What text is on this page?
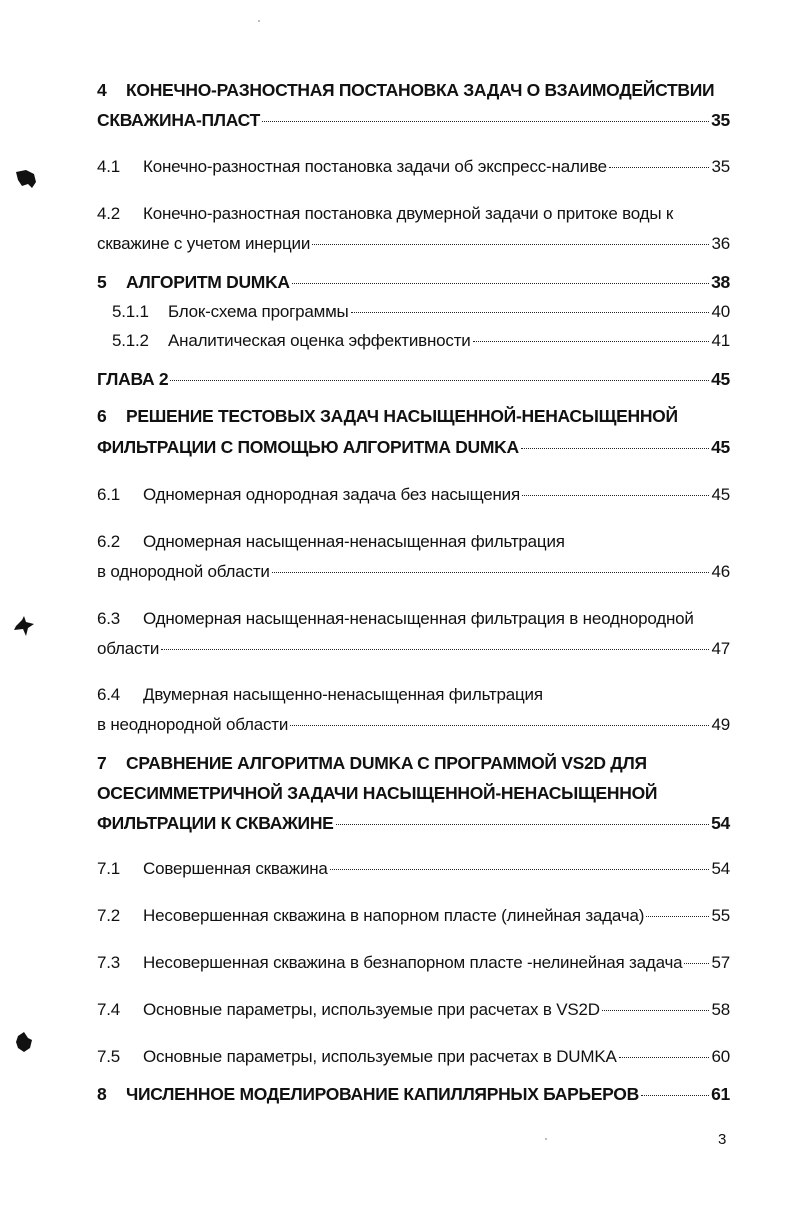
4 КОНЕЧНО-РАЗНОСТНАЯ ПОСТАНОВКА ЗАДАЧ О ВЗАИМОДЕЙСТВИИ
СКВАЖИНА-ПЛАСТ	35
4.1	Конечно-разностная постановка задачи об экспресс-наливе	35
4.2 Конечно-разностная постановка двумерной задачи о притоке воды к
скважине с учетом инерции	36
5	АЛГОРИТМ DUMKA	38
5.1.1	Блок-схема программы	40
5.1.2	Аналитическая оценка эффективности	41
ГЛАВА 2	45
6 РЕШЕНИЕ ТЕСТОВЫХ ЗАДАЧ НАСЫЩЕННОЙ-НЕНАСЫЩЕННОЙ
ФИЛЬТРАЦИИ С ПОМОЩЬЮ АЛГОРИТМА DUMKA	45
6.1	Одномерная однородная задача без насыщения	45
6.2 Одномерная насыщенная-ненасыщенная фильтрация
в однородной области	46
6.3 Одномерная насыщенная-ненасыщенная фильтрация в неоднородной
области	47
6.4 Двумерная насыщенно-ненасыщенная фильтрация
в неоднородной области	49
7 СРАВНЕНИЕ АЛГОРИТМА DUMKA С ПРОГРАММОЙ VS2D ДЛЯ
ОСЕСИММЕТРИЧНОЙ ЗАДАЧИ НАСЫЩЕННОЙ-НЕНАСЫЩЕННОЙ
ФИЛЬТРАЦИИ К СКВАЖИНЕ	54
7.1	Совершенная скважина	54
7.2	Несовершенная скважина в напорном пласте (линейная задача)	55
7.3	Несовершенная скважина в безнапорном пласте -нелинейная задача 57
7.4	Основные параметры, используемые при расчетах в VS2D	58
7.5	Основные параметры, используемые при расчетах в DUMKA	60
8	ЧИСЛЕННОЕ МОДЕЛИРОВАНИЕ КАПИЛЛЯРНЫХ БАРЬЕРОВ	61
3
